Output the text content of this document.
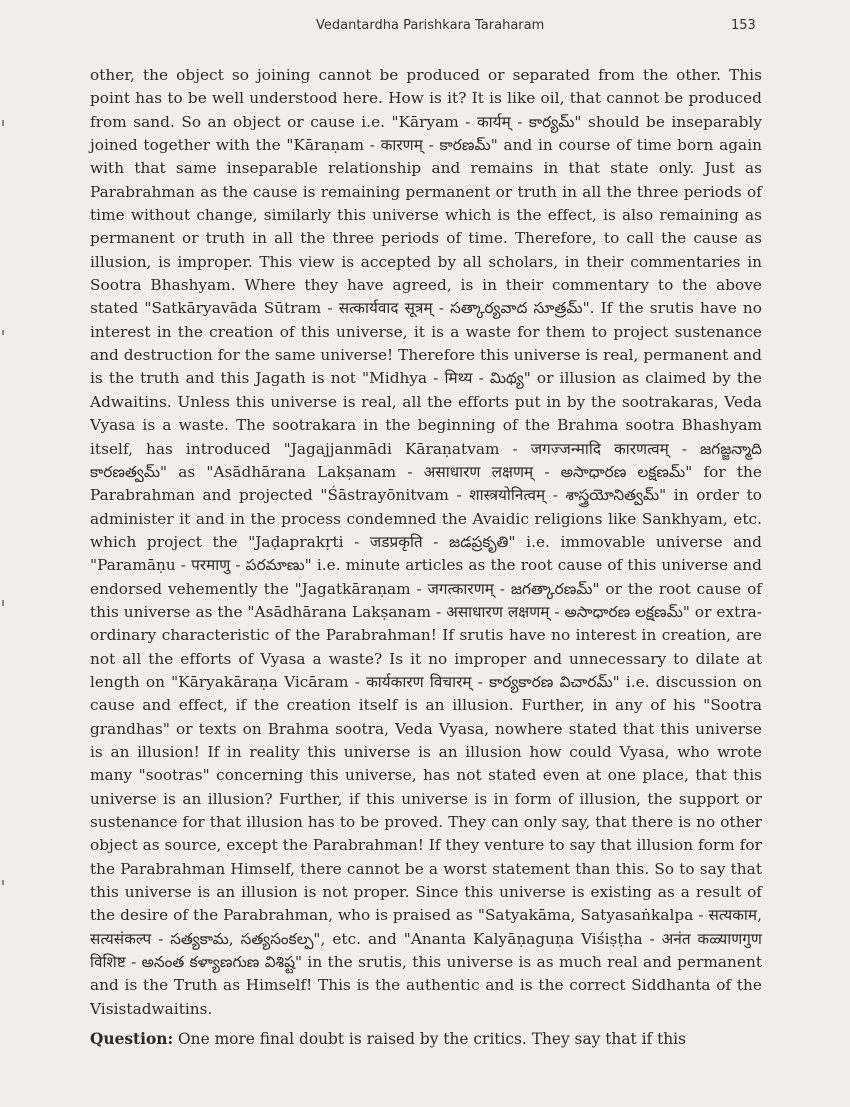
Vedantardha Parishkara Taraharam	153

other, the object so joining cannot be produced or separated from the other. This point has to be well understood here. How is it? It is like oil, that cannot be produced from sand. So an object or cause i.e. "Kāryam - कार्यम् - కార్యమ్" should be inseparably joined together with the "Kāraṇam - कारणम् - కారణమ్" and in course of time born again with that same inseparable relationship and remains in that state only. Just as Parabrahman as the cause is remaining permanent or truth in all the three periods of time without change, similarly this universe which is the effect, is also remaining as permanent or truth in all the three periods of time. Therefore, to call the cause as illusion, is improper. This view is accepted by all scholars, in their commentaries in Sootra Bhashyam. Where they have agreed, is in their commentary to the above stated "Satkāryavāda Sūtram - सत्कार्यवाद सूत्रम् - సత్కార్యవాద సూత్రమ్". If the srutis have no interest in the creation of this universe, it is a waste for them to project sustenance and destruction for the same universe! Therefore this universe is real, permanent and is the truth and this Jagath is not "Midhya - मिथ्य - మిథ్య" or illusion as claimed by the Adwaitins. Unless this universe is real, all the efforts put in by the sootrakaras, Veda Vyasa is a waste. The sootrakara in the beginning of the Brahma sootra Bhashyam itself, has introduced "Jagajjanmādi Kāraṇatvam - जगज्जन्मादि कारणत्वम् - జగజ్జన్మాది కారణత్వమ్" as "Asādhārana Lakṣanam - असाधारण लक्षणम् - అసాధారణ లక్షణమ్" for the Parabrahman and projected "Śāstrayōnitvam - शास्त्रयोनित्वम् - శాస్త్రయోనిత్వమ్" in order to administer it and in the process condemned the Avaidic religions like Sankhyam, etc. which project the "Jaḍaprakṛti - जडप्रकृति - జడప్రకృతి" i.e. immovable universe and "Paramāṇu - परमाणु - పరమాణు" i.e. minute articles as the root cause of this universe and endorsed vehemently the "Jagatkāraṇam - जगत्कारणम् - జగత్కారణమ్" or the root cause of this universe as the "Asādhārana Lakṣanam - असाधारण लक्षणम् - అసాధారణ లక్షణమ్" or extra-ordinary characteristic of the Parabrahman! If srutis have no interest in creation, are not all the efforts of Vyasa a waste? Is it no improper and unnecessary to dilate at length on "Kāryakāraṇa Vicāram - कार्यकारण विचारम् - కార్యకారణ విచారమ్" i.e. discussion on cause and effect, if the creation itself is an illusion. Further, in any of his "Sootra grandhas" or texts on Brahma sootra, Veda Vyasa, nowhere stated that this universe is an illusion! If in reality this universe is an illusion how could Vyasa, who wrote many "sootras" concerning this universe, has not stated even at one place, that this universe is an illusion? Further, if this universe is in form of illusion, the support or sustenance for that illusion has to be proved. They can only say, that there is no other object as source, except the Parabrahman! If they venture to say that illusion form for the Parabrahman Himself, there cannot be a worst statement than this. So to say that this universe is an illusion is not proper. Since this universe is existing as a result of the desire of the Parabrahman, who is praised as "Satyakāma, Satyasaṅkalpa - सत्यकाम, सत्यसंकल्प - సత్యకామ, సత్యసంకల్ప", etc. and "Ananta Kalyāṇaguṇa Viśiṣṭha - अनंत कळ्याणगुण विशिष्ट - అనంత కళ్యాణగుణ విశిష్ట" in the srutis, this universe is as much real and permanent and is the Truth as Himself! This is the authentic and is the correct Siddhanta of the Visistadwaitins.

Question: One more final doubt is raised by the critics. They say that if this
